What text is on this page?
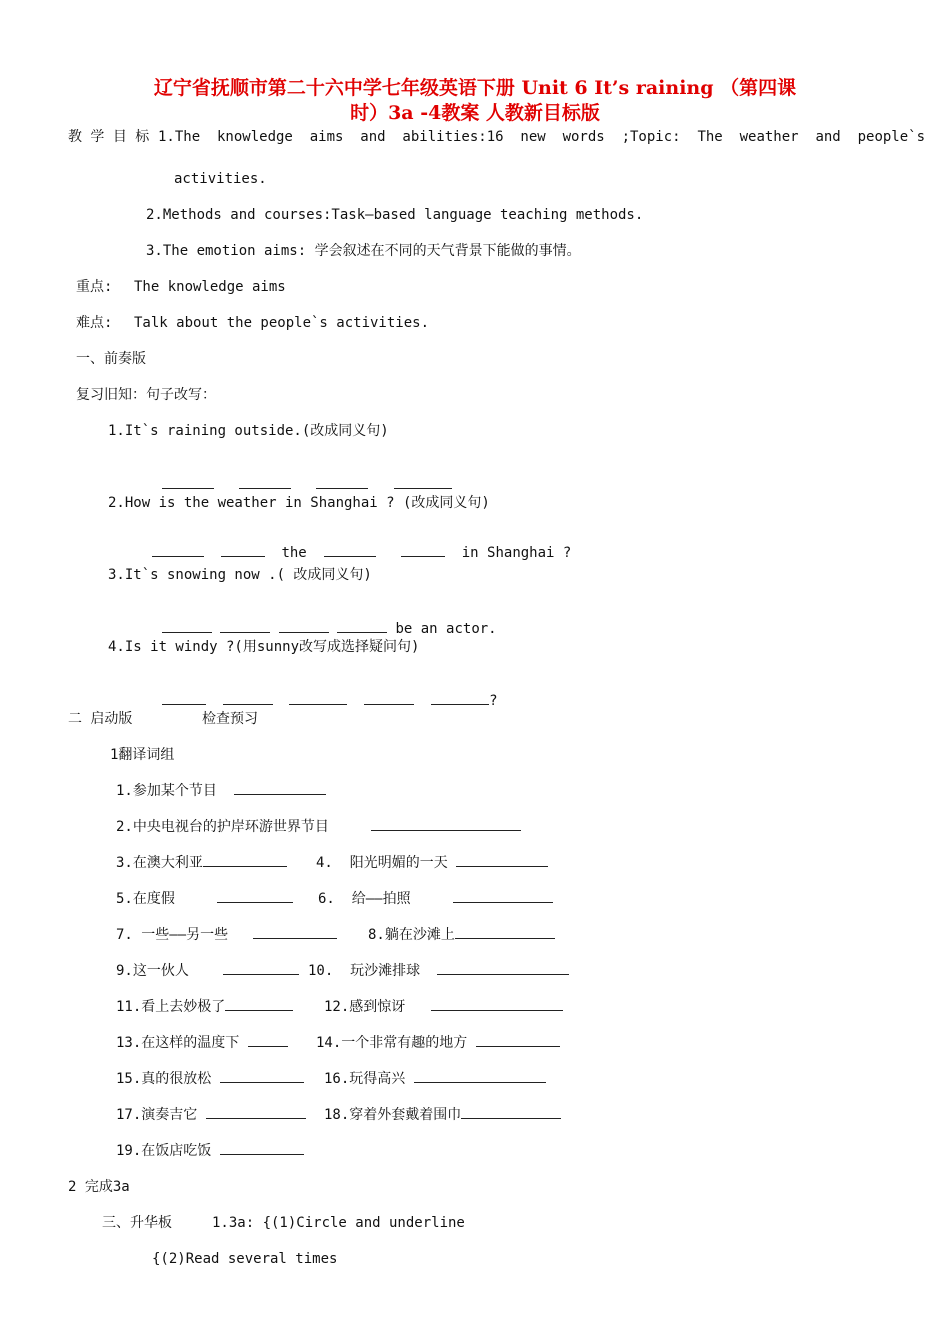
辽宁省抚顺市第二十六中学七年级英语下册 Unit 6 It’s raining （第四课
时）3a -4教案 人教新目标版
教 学 目 标 1.The  knowledge  aims  and  abilities:16  new  words  ;Topic:  The  weather  and  people`s
activities.
2.Methods and courses:Task—based language teaching methods.
3.The emotion aims: 学会叙述在不同的天气背景下能做的事情。
重点: The knowledge aims
难点: Talk about the people`s activities.
一、前奏版
复习旧知：句子改写：
1.It`s raining outside.(改成同义句)

2.How is the weather in Shanghai ? (改成同义句)

the	in Shanghai ?

3.It`s snowing now .( 改成同义句)

be an actor.

4.Is it windy ?(用sunny改写成选择疑问句)

?

二 启动版	检查预习
1翻译词组
1.参加某个节目
2.中央电视台的护岸环游世界节目
3.在澳大利亚	4.  阳光明媚的一天
5.在度假	6.  给——拍照
7. 一些——另一些	8.躺在沙滩上
9.这一伙人	10.  玩沙滩排球
11.看上去妙极了	12.感到惊讶
13.在这样的温度下	14.一个非常有趣的地方
15.真的很放松	16.玩得高兴
17.演奏吉它	18.穿着外套戴着围巾
19.在饭店吃饭
2 完成3a
三、升华板	1.3a: {(1)Circle and underline
{(2)Read several times
